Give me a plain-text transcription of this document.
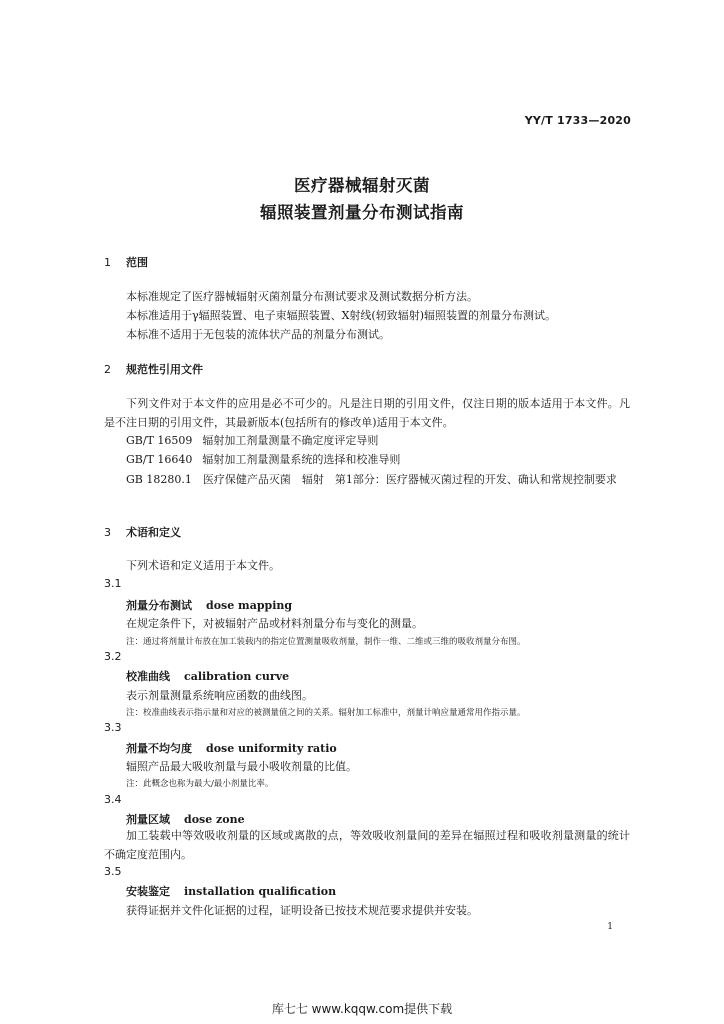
YY/T 1733—2020
医疗器械辐射灭菌
辐照装置剂量分布测试指南
1 范围
本标准规定了医疗器械辐射灭菌剂量分布测试要求及测试数据分析方法。
本标准适用于γ辐照装置、电子束辐照装置、X射线(轫致辐射)辐照装置的剂量分布测试。
本标准不适用于无包装的流体状产品的剂量分布测试。
2 规范性引用文件
下列文件对于本文件的应用是必不可少的。凡是注日期的引用文件，仅注日期的版本适用于本文件。凡是不注日期的引用文件，其最新版本(包括所有的修改单)适用于本文件。
GB/T 16509 辐射加工剂量测量不确定度评定导则
GB/T 16640 辐射加工剂量测量系统的选择和校准导则
GB 18280.1　医疗保健产品灭菌　辐射　第1部分：医疗器械灭菌过程的开发、确认和常规控制要求
3 术语和定义
下列术语和定义适用于本文件。
3.1
剂量分布测试 dose mapping
在规定条件下，对被辐射产品或材料剂量分布与变化的测量。
注：通过将剂量计布放在加工装载内的指定位置测量吸收剂量，制作一维、二维或三维的吸收剂量分布图。
3.2
校准曲线 calibration curve
表示剂量测量系统响应函数的曲线图。
注：校准曲线表示指示量和对应的被测量值之间的关系。辐射加工标准中，剂量计响应量通常用作指示量。
3.3
剂量不均匀度 dose uniformity ratio
辐照产品最大吸收剂量与最小吸收剂量的比值。
注：此概念也称为最大/最小剂量比率。
3.4
剂量区域 dose zone
加工装载中等效吸收剂量的区域或离散的点，等效吸收剂量间的差异在辐照过程和吸收剂量测量的统计不确定度范围内。
3.5
安装鉴定 installation qualification
获得证据并文件化证据的过程，证明设备已按技术规范要求提供并安装。
1
库七七 www.kqqw.com提供下载
